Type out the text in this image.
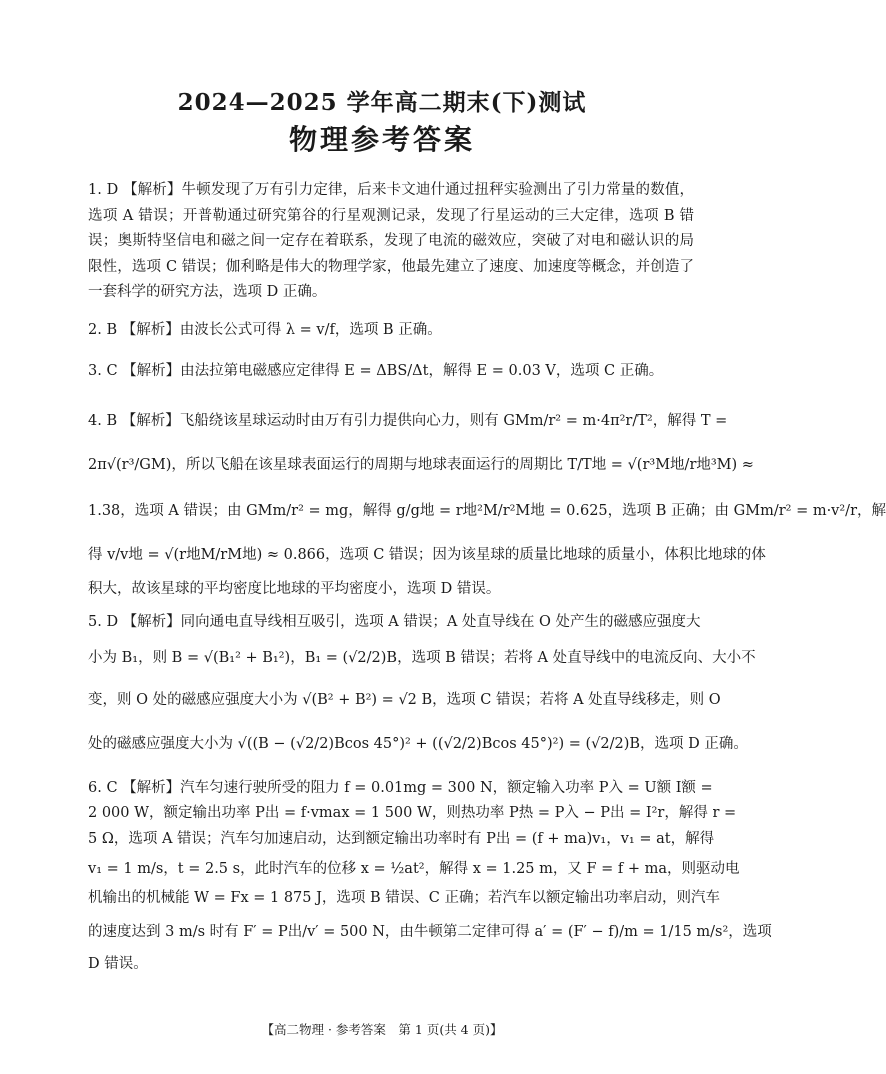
2024—2025 学年高二期末(下)测试
物理参考答案
1. D 【解析】牛顿发现了万有引力定律，后来卡文迪什通过扭秤实验测出了引力常量的数值，
选项 A 错误；开普勒通过研究第谷的行星观测记录，发现了行星运动的三大定律，选项 B 错
误；奥斯特坚信电和磁之间一定存在着联系，发现了电流的磁效应，突破了对电和磁认识的局
限性，选项 C 错误；伽利略是伟大的物理学家，他最先建立了速度、加速度等概念，并创造了
一套科学的研究方法，选项 D 正确。
2. B 【解析】由波长公式可得 λ = v/f，选项 B 正确。
3. C 【解析】由法拉第电磁感应定律得 E = ΔBS/Δt，解得 E = 0.03 V，选项 C 正确。
4. B 【解析】飞船绕该星球运动时由万有引力提供向心力，则有 GMm/r² = m·4π²r/T²，解得 T =
2π√(r³/GM)，所以飞船在该星球表面运行的周期与地球表面运行的周期比 T/T地 = √(r³M地/r地³M) ≈
1.38，选项 A 错误；由 GMm/r² = mg，解得 g/g地 = r地²M/r²M地 = 0.625，选项 B 正确；由 GMm/r² = m·v²/r，解
得 v/v地 = √(r地M/rM地) ≈ 0.866，选项 C 错误；因为该星球的质量比地球的质量小，体积比地球的体
积大，故该星球的平均密度比地球的平均密度小，选项 D 错误。
5. D 【解析】同向通电直导线相互吸引，选项 A 错误；A 处直导线在 O 处产生的磁感应强度大
小为 B₁，则 B = √(B₁² + B₁²)，B₁ = (√2/2)B，选项 B 错误；若将 A 处直导线中的电流反向、大小不
变，则 O 处的磁感应强度大小为 √(B² + B²) = √2 B，选项 C 错误；若将 A 处直导线移走，则 O
处的磁感应强度大小为 √((B − (√2/2)Bcos 45°)² + ((√2/2)Bcos 45°)²) = (√2/2)B，选项 D 正确。
6. C 【解析】汽车匀速行驶所受的阻力 f = 0.01mg = 300 N，额定输入功率 P入 = U额 I额 =
2 000 W，额定输出功率 P出 = f·vmax = 1 500 W，则热功率 P热 = P入 − P出 = I²r，解得 r =
5 Ω，选项 A 错误；汽车匀加速启动，达到额定输出功率时有 P出 = (f + ma)v₁，v₁ = at，解得
v₁ = 1 m/s，t = 2.5 s，此时汽车的位移 x = ½at²，解得 x = 1.25 m，又 F = f + ma，则驱动电
机输出的机械能 W = Fx = 1 875 J，选项 B 错误、C 正确；若汽车以额定输出功率启动，则汽车
的速度达到 3 m/s 时有 F′ = P出/v′ = 500 N，由牛顿第二定律可得 a′ = (F′ − f)/m = 1/15 m/s²，选项
D 错误。
【高二物理 · 参考答案　第 1 页(共 4 页)】
